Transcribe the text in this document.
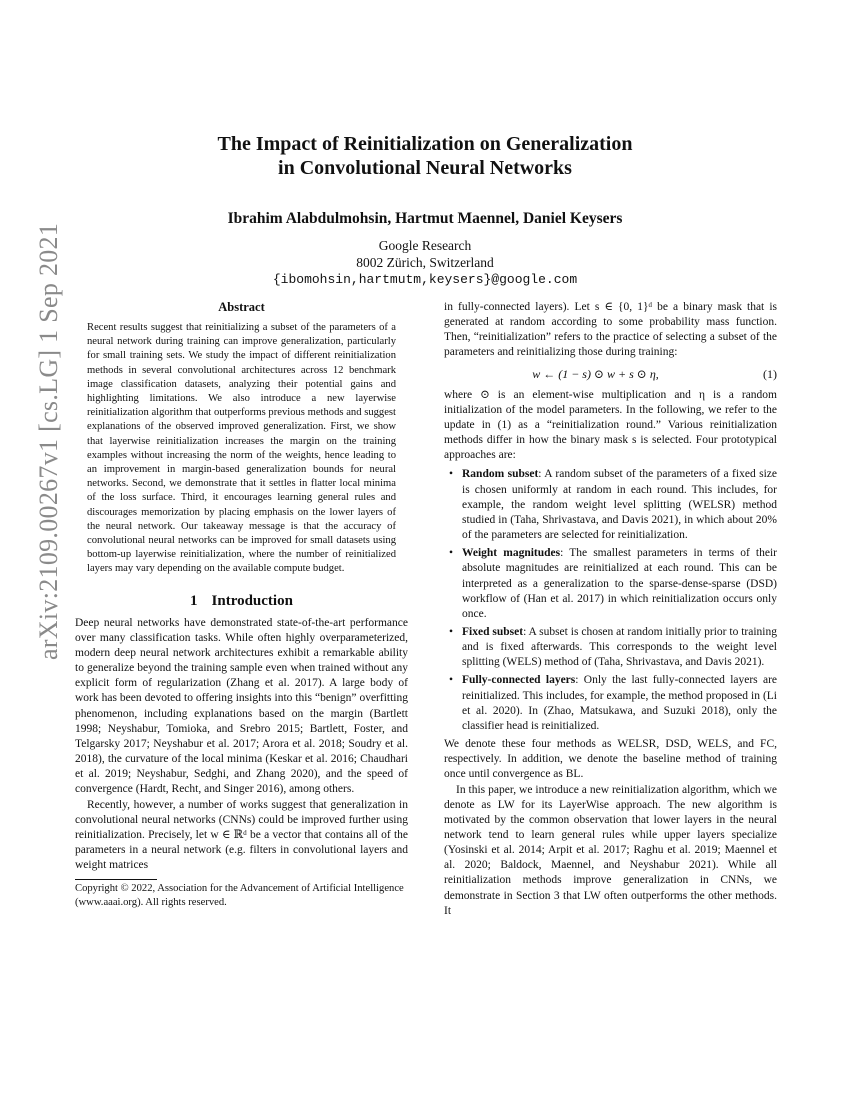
arXiv:2109.00267v1 [cs.LG] 1 Sep 2021
The Impact of Reinitialization on Generalization
in Convolutional Neural Networks
Ibrahim Alabdulmohsin, Hartmut Maennel, Daniel Keysers
Google Research
8002 Zürich, Switzerland
{ibomohsin,hartmutm,keysers}@google.com
Abstract

Recent results suggest that reinitializing a subset of the parameters of a neural network during training can improve generalization, particularly for small training sets. We study the impact of different reinitialization methods in several convolutional architectures across 12 benchmark image classification datasets, analyzing their potential gains and highlighting limitations. We also introduce a new layerwise reinitialization algorithm that outperforms previous methods and suggest explanations of the observed improved generalization. First, we show that layerwise reinitialization increases the margin on the training examples without increasing the norm of the weights, hence leading to an improvement in margin-based generalization bounds for neural networks. Second, we demonstrate that it settles in flatter local minima of the loss surface. Third, it encourages learning general rules and discourages memorization by placing emphasis on the lower layers of the neural network. Our takeaway message is that the accuracy of convolutional neural networks can be improved for small datasets using bottom-up layerwise reinitialization, where the number of reinitialized layers may vary depending on the available compute budget.

1 Introduction

Deep neural networks have demonstrated state-of-the-art performance over many classification tasks. While often highly overparameterized, modern deep neural network architectures exhibit a remarkable ability to generalize beyond the training sample even when trained without any explicit form of regularization (Zhang et al. 2017). A large body of work has been devoted to offering insights into this “benign” overfitting phenomenon, including explanations based on the margin (Bartlett 1998; Neyshabur, Tomioka, and Srebro 2015; Bartlett, Foster, and Telgarsky 2017; Neyshabur et al. 2017; Arora et al. 2018; Soudry et al. 2018), the curvature of the local minima (Keskar et al. 2016; Chaudhari et al. 2019; Neyshabur, Sedghi, and Zhang 2020), and the speed of convergence (Hardt, Recht, and Singer 2016), among others.

Recently, however, a number of works suggest that generalization in convolutional neural networks (CNNs) could be improved further using reinitialization. Precisely, let w ∈ ℝᵈ be a vector that contains all of the parameters in a neural network (e.g. filters in convolutional layers and weight matrices

Copyright © 2022, Association for the Advancement of Artificial Intelligence (www.aaai.org). All rights reserved.

in fully-connected layers). Let s ∈ {0, 1}ᵈ be a binary mask that is generated at random according to some probability mass function. Then, “reinitialization” refers to the practice of selecting a subset of the parameters and reinitializing those during training:

w ← (1 − s) ⊙ w + s ⊙ η,	(1)

where ⊙ is an element-wise multiplication and η is a random initialization of the model parameters. In the following, we refer to the update in (1) as a “reinitialization round.” Various reinitialization methods differ in how the binary mask s is selected. Four prototypical approaches are:

• Random subset: A random subset of the parameters of a fixed size is chosen uniformly at random in each round. This includes, for example, the random weight level splitting (WELSR) method studied in (Taha, Shrivastava, and Davis 2021), in which about 20% of the parameters are selected for reinitialization.

• Weight magnitudes: The smallest parameters in terms of their absolute magnitudes are reinitialized at each round. This can be interpreted as a generalization to the sparse-dense-sparse (DSD) workflow of (Han et al. 2017) in which reinitialization occurs only once.

• Fixed subset: A subset is chosen at random initially prior to training and is fixed afterwards. This corresponds to the weight level splitting (WELS) method of (Taha, Shrivastava, and Davis 2021).

• Fully-connected layers: Only the last fully-connected layers are reinitialized. This includes, for example, the method proposed in (Li et al. 2020). In (Zhao, Matsukawa, and Suzuki 2018), only the classifier head is reinitialized.

We denote these four methods as WELSR, DSD, WELS, and FC, respectively. In addition, we denote the baseline method of training once until convergence as BL.

In this paper, we introduce a new reinitialization algorithm, which we denote as LW for its LayerWise approach. The new algorithm is motivated by the common observation that lower layers in the neural network tend to learn general rules while upper layers specialize (Yosinski et al. 2014; Arpit et al. 2017; Raghu et al. 2019; Maennel et al. 2020; Baldock, Maennel, and Neyshabur 2021). While all reinitialization methods improve generalization in CNNs, we demonstrate in Section 3 that LW often outperforms the other methods. It
